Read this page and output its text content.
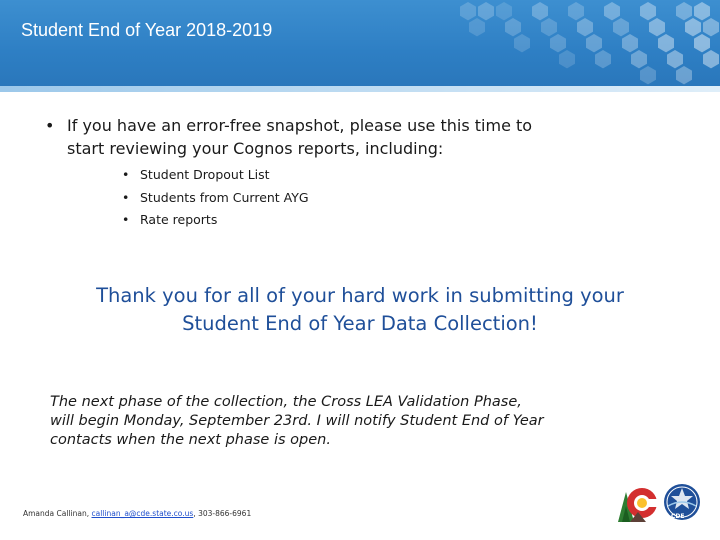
Student End of Year 2018-2019
• If you have an error-free snapshot, please use this time to
start reviewing your Cognos reports, including:
• Student Dropout List
• Students from Current AYG
• Rate reports
Thank you for all of your hard work in submitting your
Student End of Year Data Collection!
The next phase of the collection, the Cross LEA Validation Phase,
will begin Monday, September 23rd. I will notify Student End of Year
contacts when the next phase is open.
Amanda Callinan, callinan_a@cde.state.co.us, 303-866-6961	CDE
